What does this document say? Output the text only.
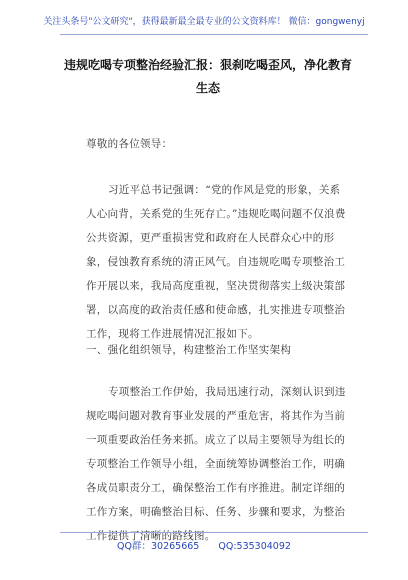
关注头条号"公文研究"，获得最新最全最专业的公文资料库！ 微信：gongwenyj
违规吃喝专项整治经验汇报：狠刹吃喝歪风，净化教育生态

尊敬的各位领导：

习近平总书记强调：“党的作风是党的形象，关系人心向背，关系党的生死存亡。”违规吃喝问题不仅浪费公共资源，更严重损害党和政府在人民群众心中的形象，侵蚀教育系统的清正风气。自违规吃喝专项整治工作开展以来，我局高度重视，坚决贯彻落实上级决策部署，以高度的政治责任感和使命感，扎实推进专项整治工作，现将工作进展情况汇报如下。

一、强化组织领导，构建整治工作坚实架构

专项整治工作伊始，我局迅速行动，深刻认识到违规吃喝问题对教育事业发展的严重危害，将其作为当前一项重要政治任务来抓。成立了以局主要领导为组长的专项整治工作领导小组，全面统筹协调整治工作，明确各成员职责分工，确保整治工作有序推进。制定详细的工作方案，明确整治目标、任务、步骤和要求，为整治工作提供了清晰的路线图。

QQ群：30265665 QQ:535304092
